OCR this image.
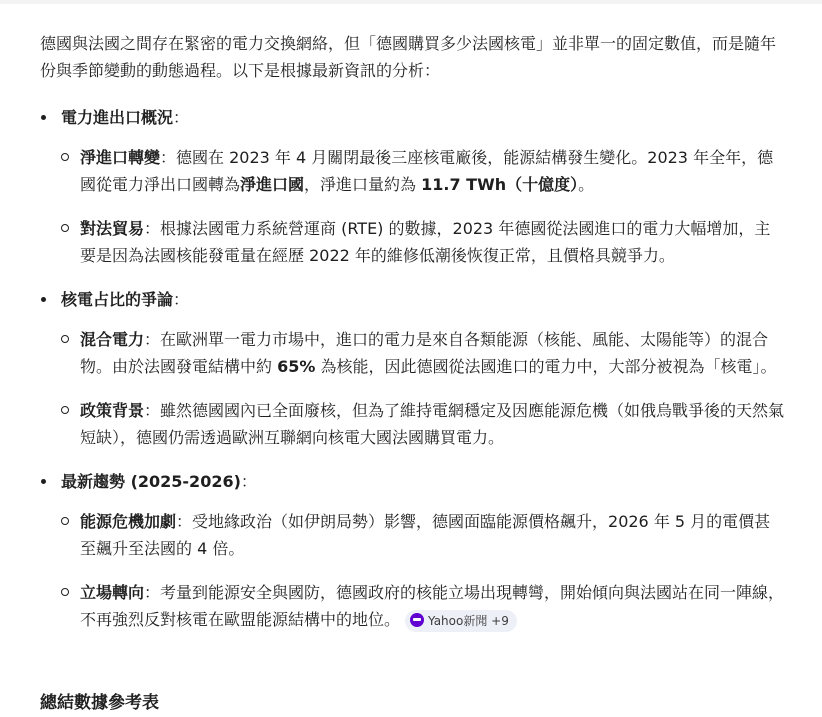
德國與法國之間存在緊密的電力交換網絡，但「德國購買多少法國核電」並非單一的固定數值，而是隨年份與季節變動的動態過程。以下是根據最新資訊的分析：

電力進出口概況：
淨進口轉變：德國在 2023 年 4 月關閉最後三座核電廠後，能源結構發生變化。2023 年全年，德國從電力淨出口國轉為淨進口國，淨進口量約為 11.7 TWh（十億度）。
對法貿易：根據法國電力系統營運商 (RTE) 的數據，2023 年德國從法國進口的電力大幅增加，主要是因為法國核能發電量在經歷 2022 年的維修低潮後恢復正常，且價格具競爭力。
核電占比的爭論：
混合電力：在歐洲單一電力市場中，進口的電力是來自各類能源（核能、風能、太陽能等）的混合物。由於法國發電結構中約 65% 為核能，因此德國從法國進口的電力中，大部分被視為「核電」。
政策背景：雖然德國國內已全面廢核，但為了維持電網穩定及因應能源危機（如俄烏戰爭後的天然氣短缺），德國仍需透過歐洲互聯網向核電大國法國購買電力。
最新趨勢 (2025-2026)：
能源危機加劇：受地緣政治（如伊朗局勢）影響，德國面臨能源價格飆升，2026 年 5 月的電價甚至飆升至法國的 4 倍。
立場轉向：考量到能源安全與國防，德國政府的核能立場出現轉彎，開始傾向與法國站在同一陣線，不再強烈反對核電在歐盟能源結構中的地位。 Yahoo新聞 +9
總結數據參考表
